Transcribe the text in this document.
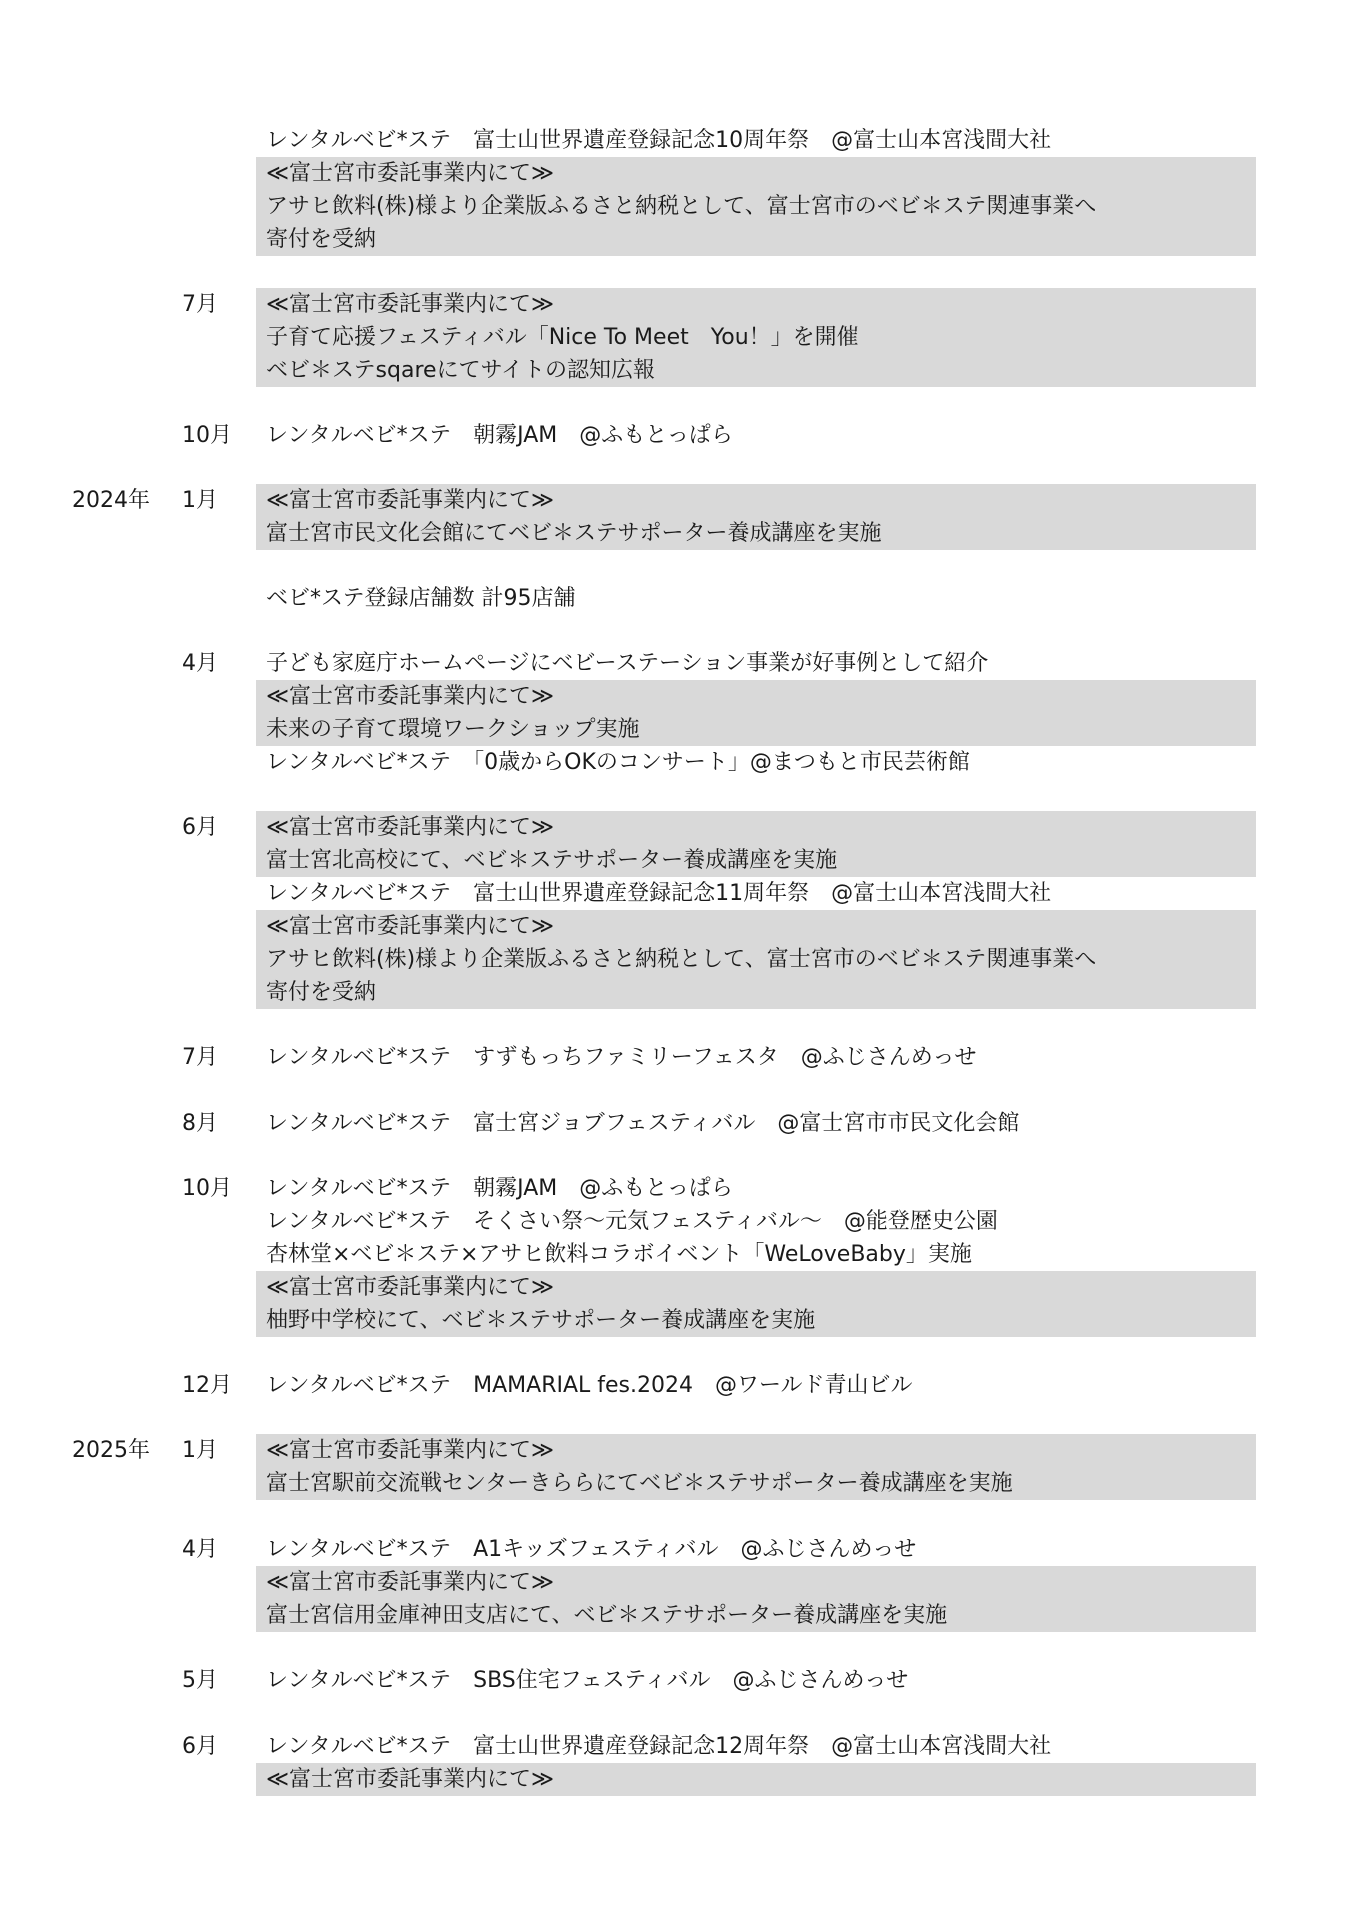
レンタルベビ*ステ　富士山世界遺産登録記念10周年祭　@富士山本宮浅間大社
≪富士宮市委託事業内にて≫
アサヒ飲料(株)様より企業版ふるさと納税として、富士宮市のベビ＊ステ関連事業へ
寄付を受納
7月	≪富士宮市委託事業内にて≫
子育て応援フェスティバル「Nice To Meet　You！」を開催
ベビ＊ステsqareにてサイトの認知広報
10月	レンタルベビ*ステ　朝霧JAM　@ふもとっぱら
2024年 1月	≪富士宮市委託事業内にて≫
富士宮市民文化会館にてベビ＊ステサポーター養成講座を実施
ベビ*ステ登録店舗数 計95店舗
4月	子ども家庭庁ホームページにベビーステーション事業が好事例として紹介
≪富士宮市委託事業内にて≫
未来の子育て環境ワークショップ実施
レンタルベビ*ステ　「0歳からOKのコンサート」@まつもと市民芸術館
6月	≪富士宮市委託事業内にて≫
富士宮北高校にて、ベビ＊ステサポーター養成講座を実施
レンタルベビ*ステ　富士山世界遺産登録記念11周年祭　@富士山本宮浅間大社
≪富士宮市委託事業内にて≫
アサヒ飲料(株)様より企業版ふるさと納税として、富士宮市のベビ＊ステ関連事業へ
寄付を受納
7月	レンタルベビ*ステ　すずもっちファミリーフェスタ　@ふじさんめっせ
8月	レンタルベビ*ステ　富士宮ジョブフェスティバル　@富士宮市市民文化会館
10月	レンタルベビ*ステ　朝霧JAM　@ふもとっぱら
レンタルベビ*ステ　そくさい祭〜元気フェスティバル〜　@能登歴史公園
杏林堂×ベビ＊ステ×アサヒ飲料コラボイベント「WeLoveBaby」実施
≪富士宮市委託事業内にて≫
柚野中学校にて、ベビ＊ステサポーター養成講座を実施
12月	レンタルベビ*ステ　MAMARIAL fes.2024　@ワールド青山ビル
2025年 1月	≪富士宮市委託事業内にて≫
富士宮駅前交流戦センターきららにてベビ＊ステサポーター養成講座を実施
4月	レンタルベビ*ステ　A1キッズフェスティバル　@ふじさんめっせ
≪富士宮市委託事業内にて≫
富士宮信用金庫神田支店にて、ベビ＊ステサポーター養成講座を実施
5月	レンタルベビ*ステ　SBS住宅フェスティバル　@ふじさんめっせ
6月	レンタルベビ*ステ　富士山世界遺産登録記念12周年祭　@富士山本宮浅間大社
≪富士宮市委託事業内にて≫
